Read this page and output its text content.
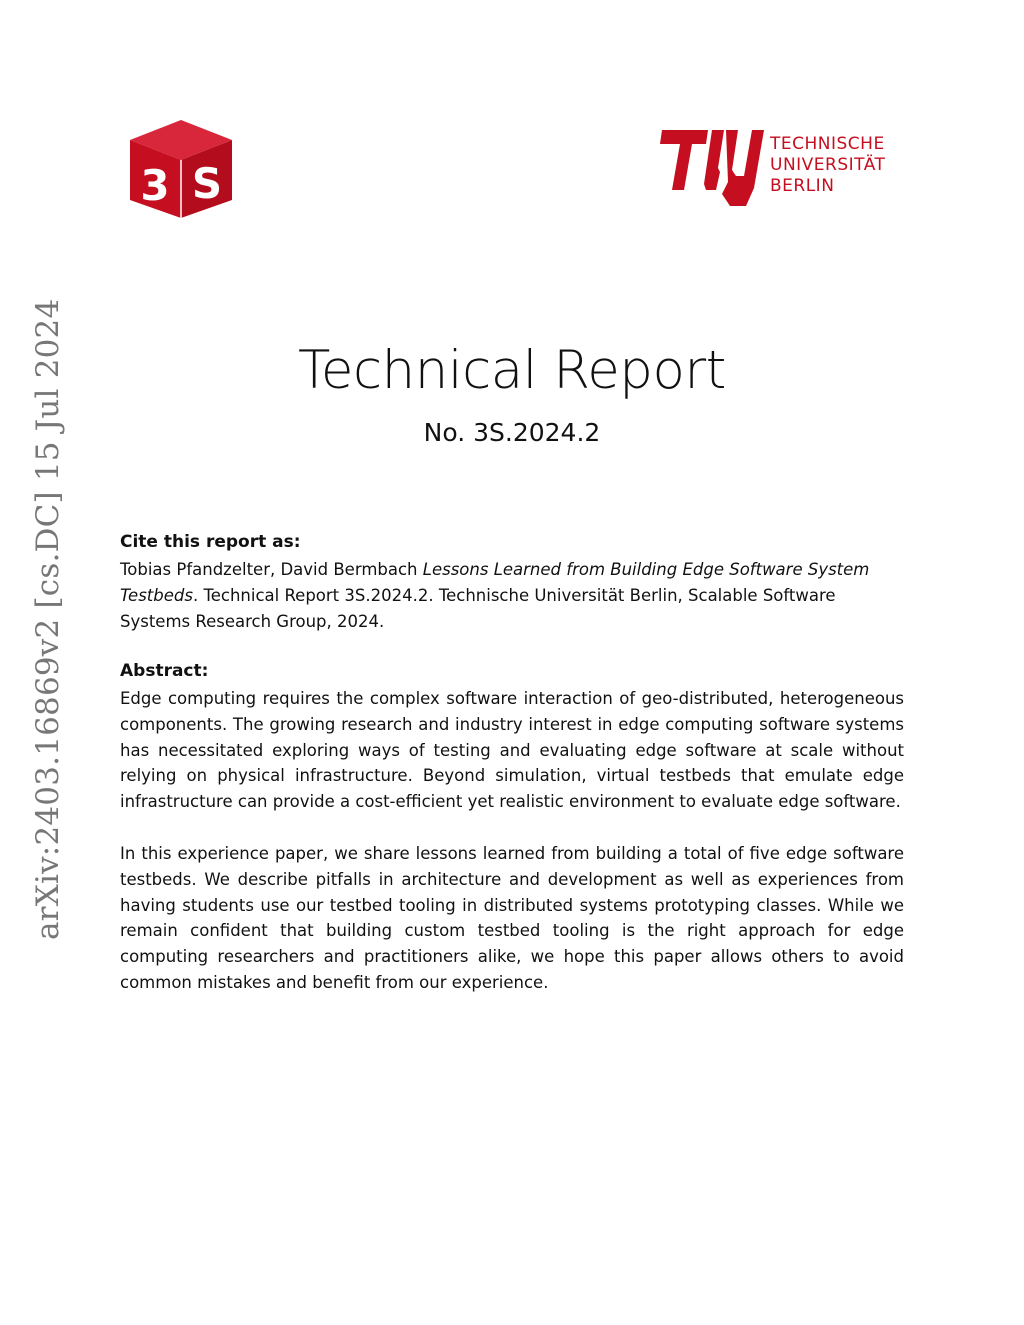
3 S
TECHNISCHE
UNIVERSITÄT
BERLIN
arXiv:2403.16869v2 [cs.DC] 15 Jul 2024	Technical Report
No. 3S.2024.2
Cite this report as:
Tobias Pfandzelter, David Bermbach Lessons Learned from Building Edge Software System Testbeds. Technical Report 3S.2024.2. Technische Universität Berlin, Scalable Software Systems Research Group, 2024.
Abstract:
Edge computing requires the complex software interaction of geo-distributed, heterogeneous components. The growing research and industry interest in edge computing software systems has necessitated exploring ways of testing and evaluating edge software at scale without relying on physical infrastructure. Beyond simulation, virtual testbeds that emulate edge infrastructure can provide a cost-efficient yet realistic environment to evaluate edge software.
In this experience paper, we share lessons learned from building a total of five edge software testbeds. We describe pitfalls in architecture and development as well as experiences from having students use our testbed tooling in distributed systems prototyping classes. While we remain confident that building custom testbed tooling is the right approach for edge computing researchers and practitioners alike, we hope this paper allows others to avoid common mistakes and benefit from our experience.
